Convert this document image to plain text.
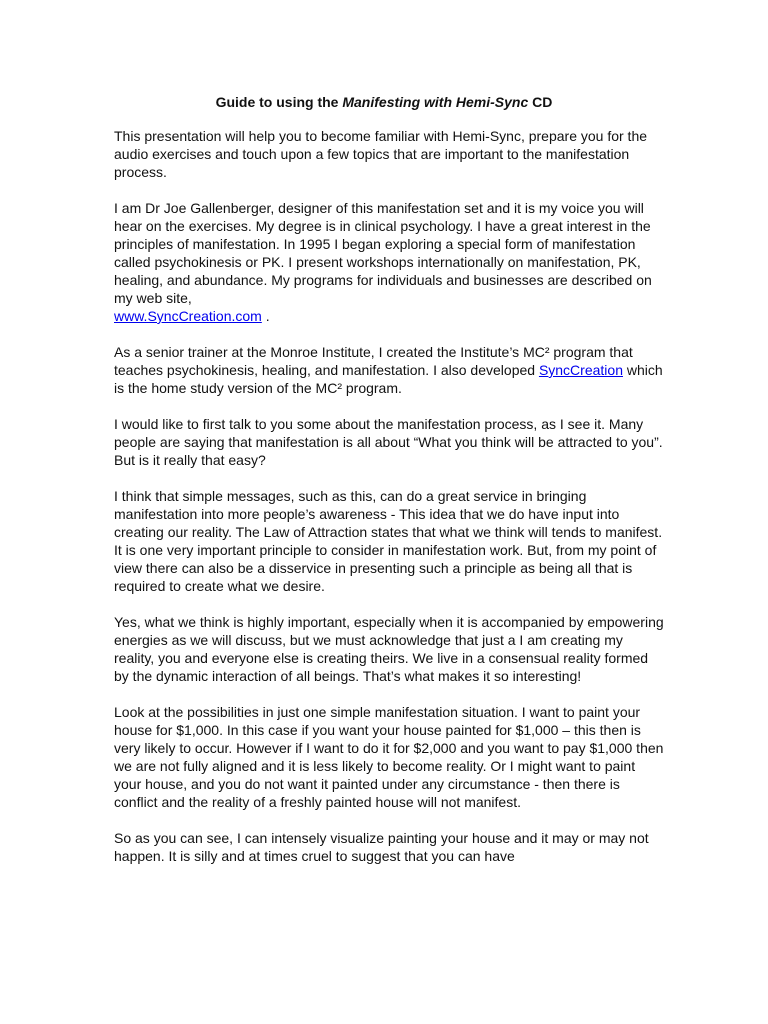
Guide to using the Manifesting with Hemi-Sync CD

This presentation will help you to become familiar with Hemi-Sync, prepare you for the audio exercises and touch upon a few topics that are important to the manifestation process.

I am Dr Joe Gallenberger, designer of this manifestation set and it is my voice you will hear on the exercises. My degree is in clinical psychology. I have a great interest in the principles of manifestation. In 1995 I began exploring a special form of manifestation called psychokinesis or PK. I present workshops internationally on manifestation, PK, healing, and abundance. My programs for individuals and businesses are described on my web site,
www.SyncCreation.com .

As a senior trainer at the Monroe Institute, I created the Institute’s MC² program that teaches psychokinesis, healing, and manifestation. I also developed SyncCreation which is the home study version of the MC² program.

I would like to first talk to you some about the manifestation process, as I see it. Many people are saying that manifestation is all about “What you think will be attracted to you”. But is it really that easy?

I think that simple messages, such as this, can do a great service in bringing manifestation into more people’s awareness - This idea that we do have input into creating our reality. The Law of Attraction states that what we think will tends to manifest. It is one very important principle to consider in manifestation work. But, from my point of view there can also be a disservice in presenting such a principle as being all that is required to create what we desire.

Yes, what we think is highly important, especially when it is accompanied by empowering energies as we will discuss, but we must acknowledge that just a I am creating my reality, you and everyone else is creating theirs. We live in a consensual reality formed by the dynamic interaction of all beings. That’s what makes it so interesting!

Look at the possibilities in just one simple manifestation situation. I want to paint your house for $1,000. In this case if you want your house painted for $1,000 – this then is very likely to occur. However if I want to do it for $2,000 and you want to pay $1,000 then we are not fully aligned and it is less likely to become reality. Or I might want to paint your house, and you do not want it painted under any circumstance - then there is conflict and the reality of a freshly painted house will not manifest.

So as you can see, I can intensely visualize painting your house and it may or may not happen. It is silly and at times cruel to suggest that you can have
